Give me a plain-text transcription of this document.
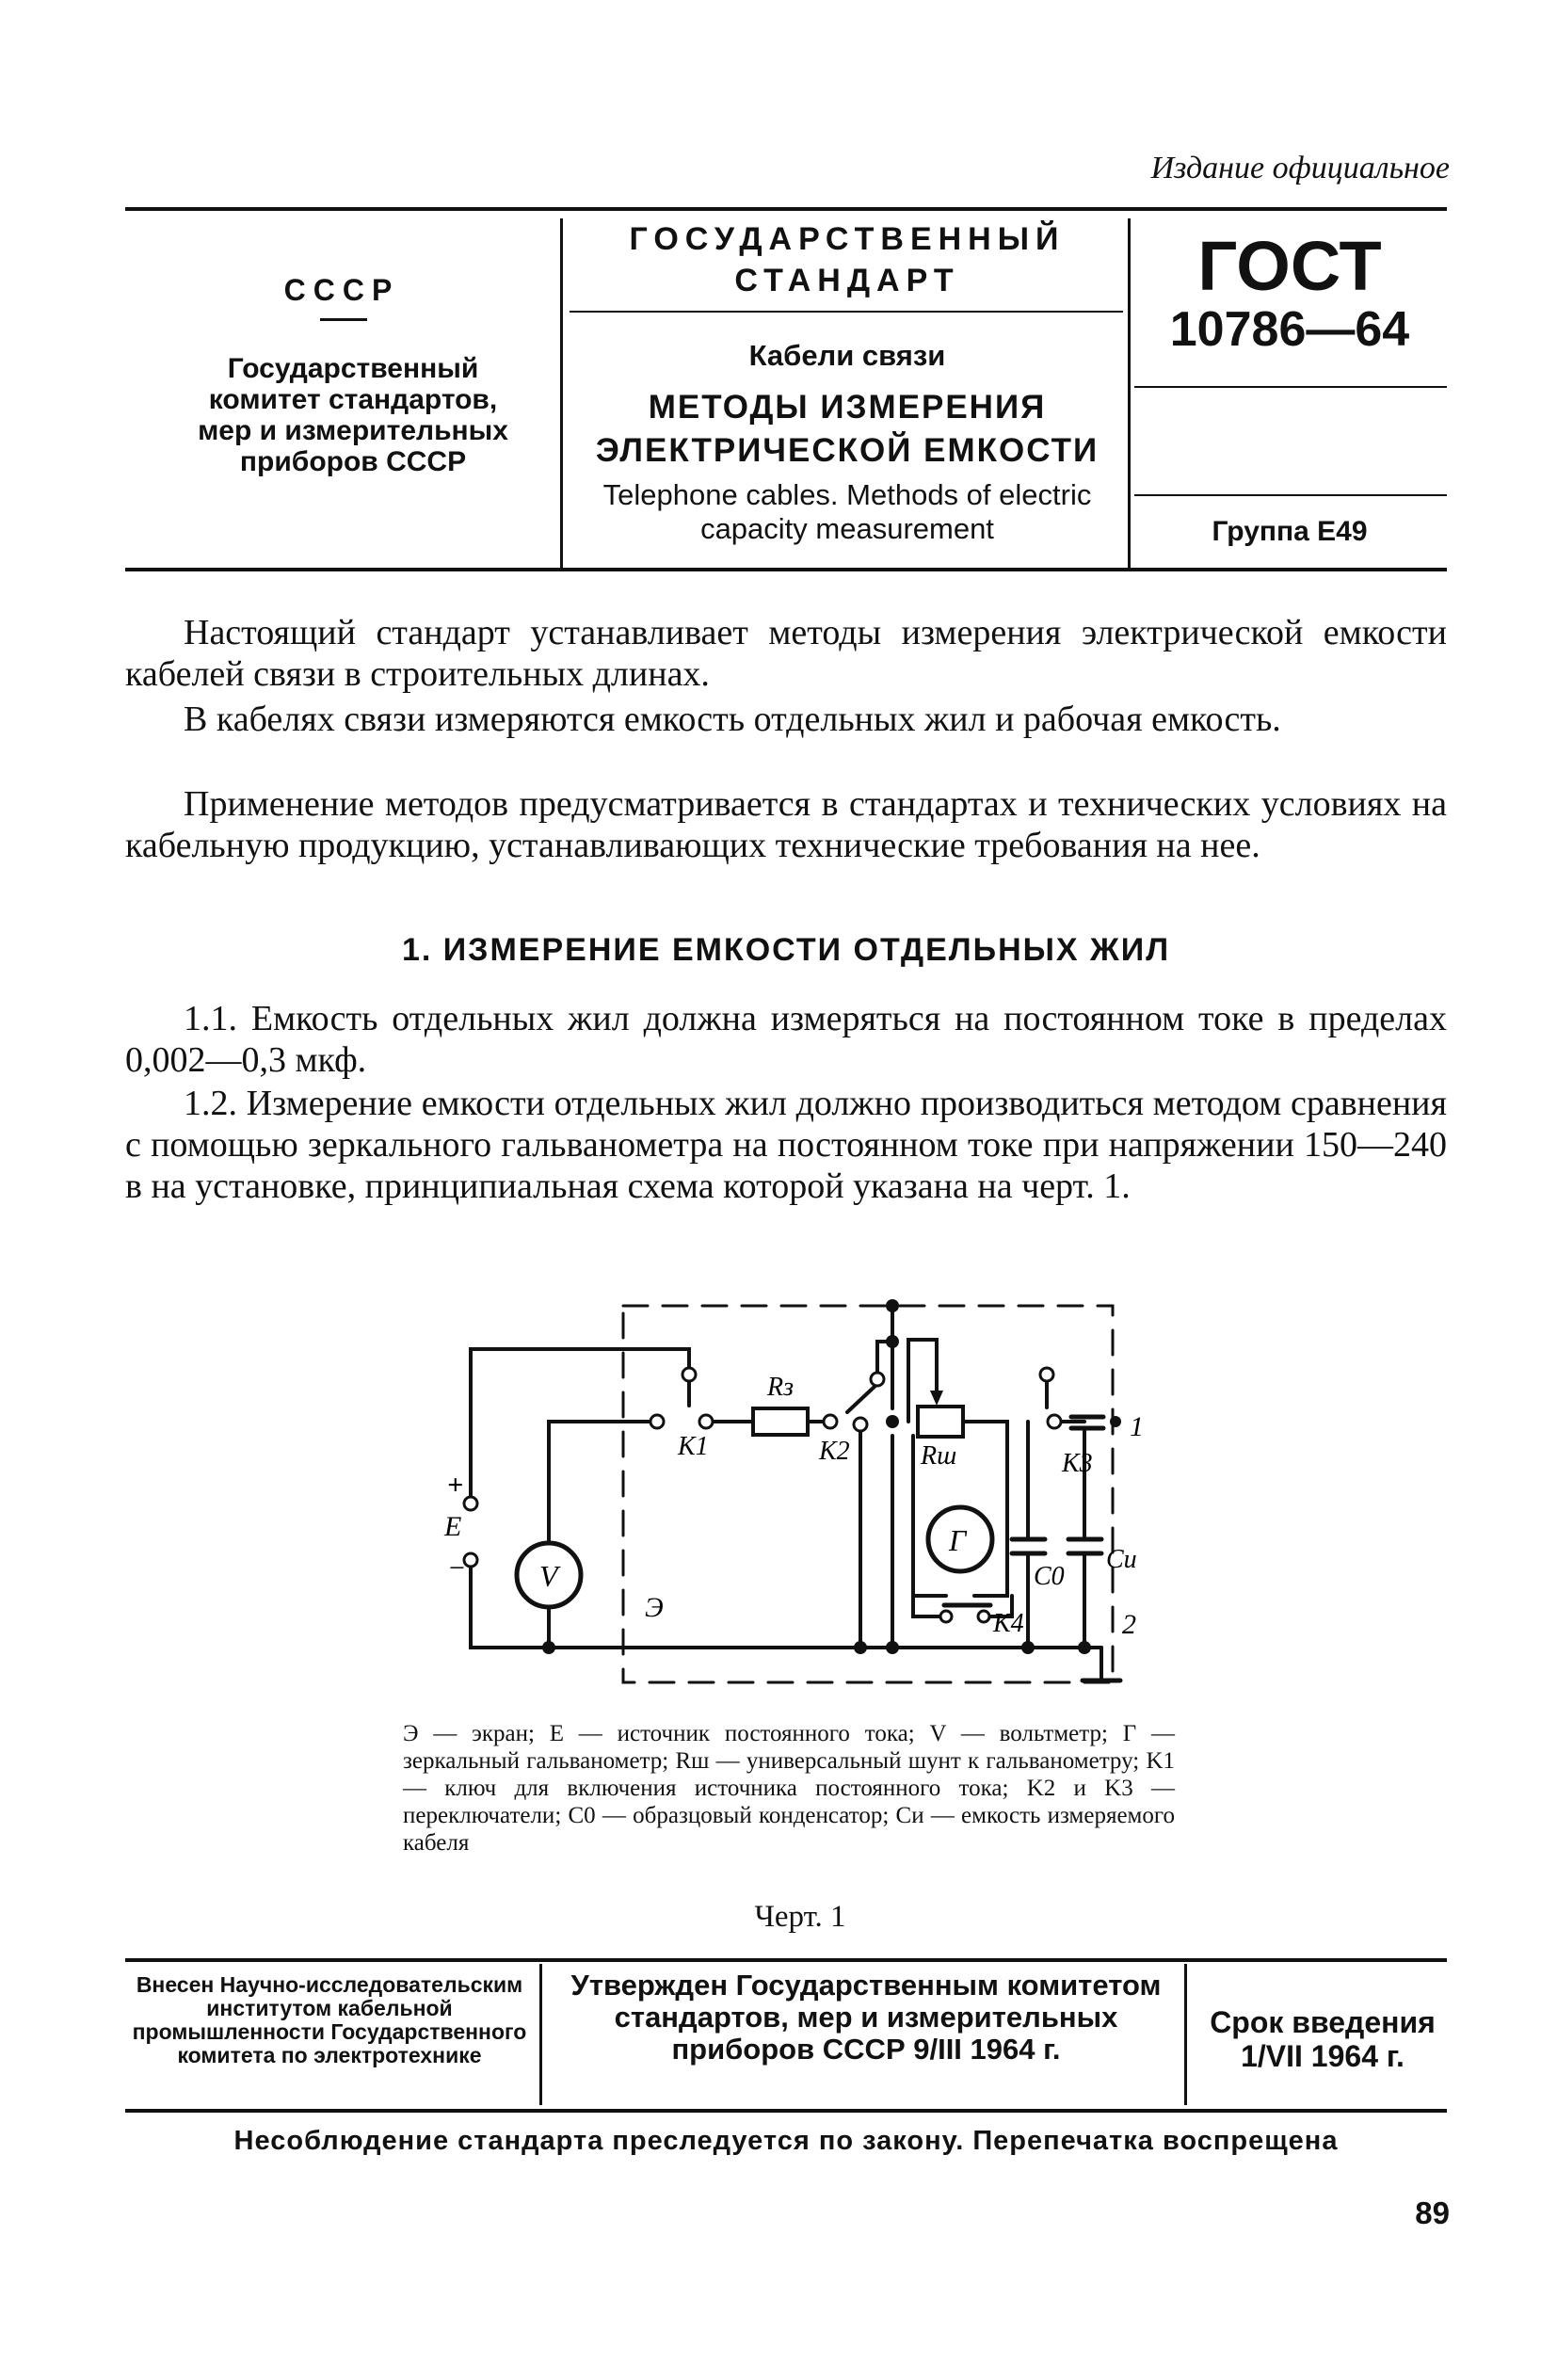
Издание официальное
СССР
Государственный комитет стандартов, мер и измерительных приборов СССР
ГОСУДАРСТВЕННЫЙ СТАНДАРТ
Кабели связи
МЕТОДЫ ИЗМЕРЕНИЯ ЭЛЕКТРИЧЕСКОЙ ЕМКОСТИ
Telephone cables. Methods of electric capacity measurement
ГОСТ
10786—64
Группа Е49
Настоящий стандарт устанавливает методы измерения электрической емкости кабелей связи в строительных длинах.
В кабелях связи измеряются емкость отдельных жил и рабочая емкость.
Применение методов предусматривается в стандартах и технических условиях на кабельную продукцию, устанавливающих технические требования на нее.
1. ИЗМЕРЕНИЕ ЕМКОСТИ ОТДЕЛЬНЫХ ЖИЛ
1.1. Емкость отдельных жил должна измеряться на постоянном токе в пределах 0,002—0,3 мкф.
1.2. Измерение емкости отдельных жил должно производиться методом сравнения с помощью зеркального гальванометра на постоянном токе при напряжении 150—240 в на установке, принципиальная схема которой указана на черт. 1.
+
E
− V
Г
Rз
Rш
K1	K2	K3
K4
C0
Cи
1
2
Э
Э — экран; Е — источник постоянного тока; V — вольтметр; Г — зеркальный гальванометр; Rш — универсальный шунт к гальванометру; K1 — ключ для включения источника постоянного тока; K2 и K3 — переключатели; C0 — образцовый конденсатор; Cи — емкость измеряемого кабеля
Черт. 1
Внесен Научно-исследовательским институтом кабельной промышленности Государственного комитета по электротехнике
Утвержден Государственным комитетом стандартов, мер и измерительных приборов СССР 9/III 1964 г.
Срок введения 1/VII 1964 г.
Несоблюдение стандарта преследуется по закону. Перепечатка воспрещена
89
